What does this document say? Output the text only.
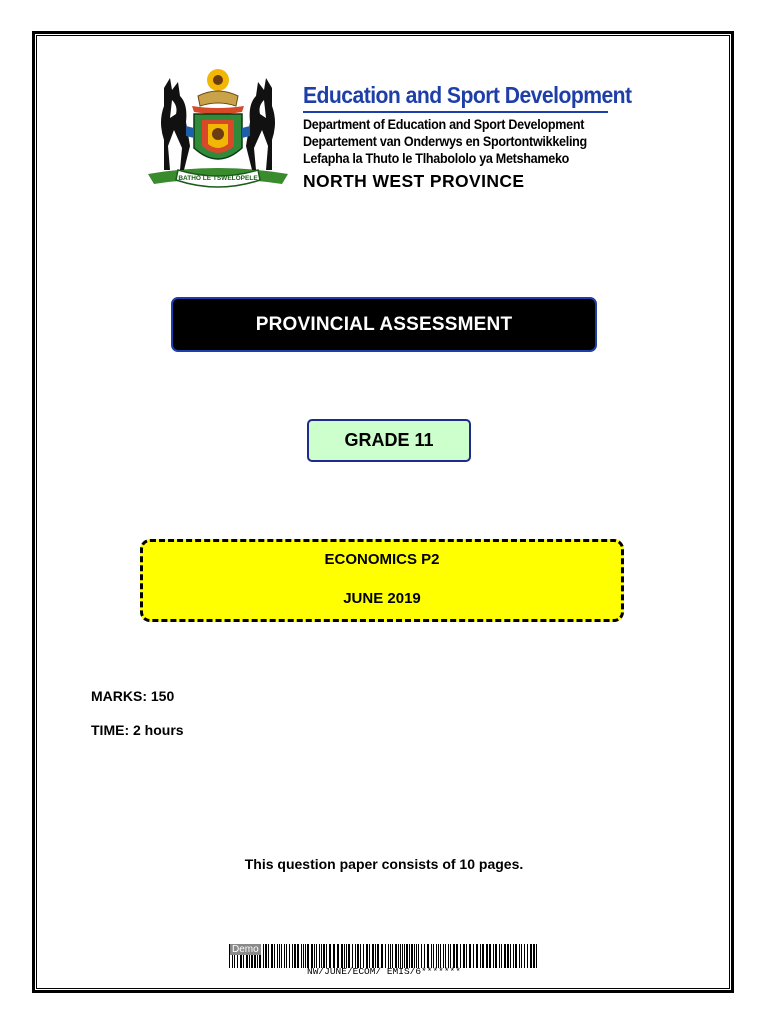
BATHO LE TSWELOPELE
Education and Sport Development
Department of Education and Sport Development
Departement van Onderwys en Sportontwikkeling
Lefapha la Thuto le Tlhabololo ya Metshameko
NORTH WEST PROVINCE
PROVINCIAL ASSESSMENT
GRADE 11
ECONOMICS P2
JUNE 2019
MARKS: 150
TIME: 2 hours
This question paper consists of 10 pages.
Demo
NW/JUNE/ECOM/ EMIS/6*******
